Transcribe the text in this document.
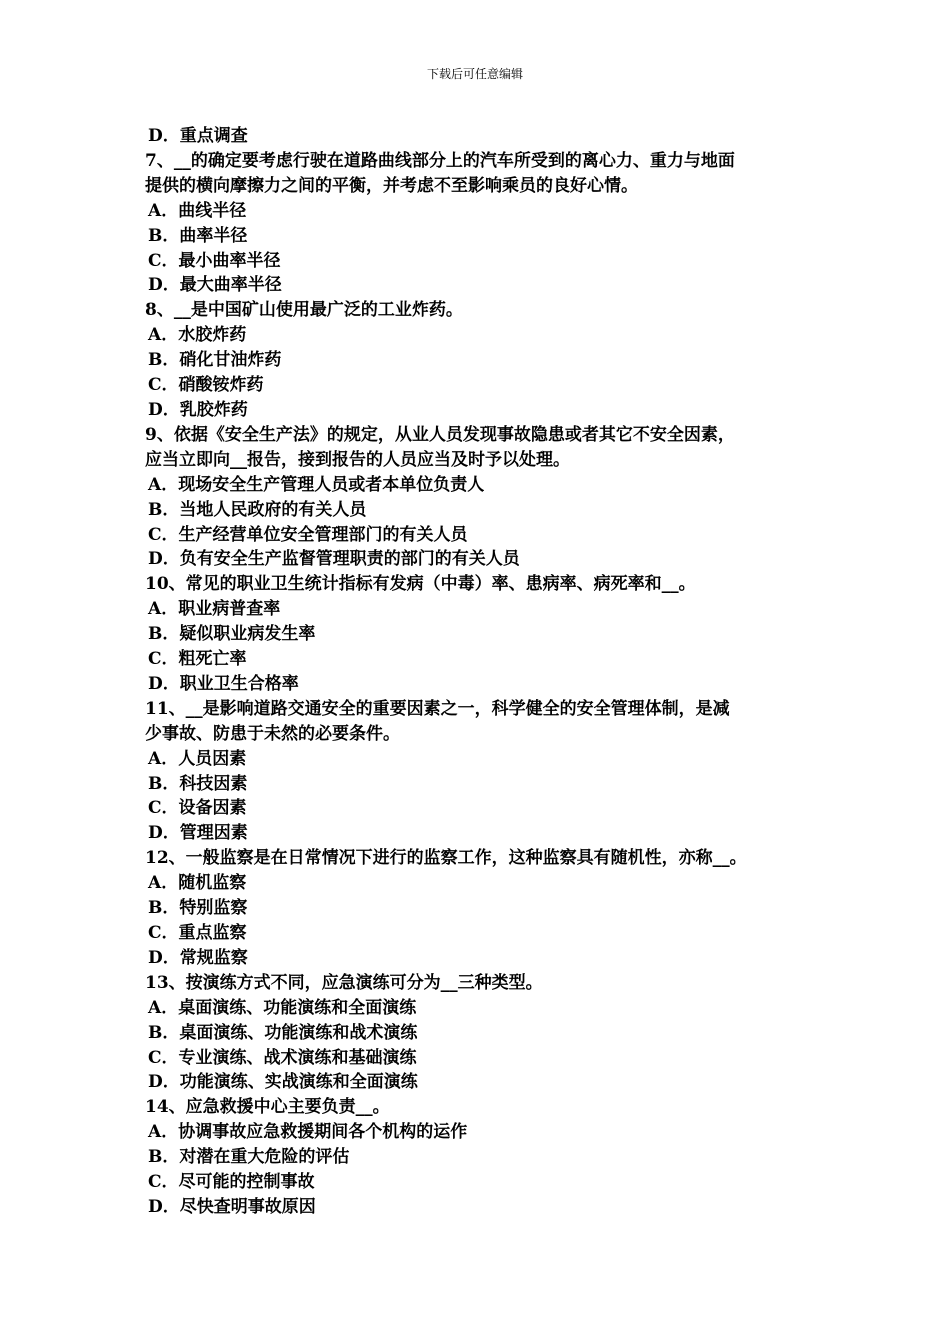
下载后可任意编辑
D．重点调查
7、__的确定要考虑行驶在道路曲线部分上的汽车所受到的离心力、重力与地面
提供的横向摩擦力之间的平衡，并考虑不至影响乘员的良好心情。
A．曲线半径
B．曲率半径
C．最小曲率半径
D．最大曲率半径
8、__是中国矿山使用最广泛的工业炸药。
A．水胶炸药
B．硝化甘油炸药
C．硝酸铵炸药
D．乳胶炸药
9、依据《安全生产法》的规定，从业人员发现事故隐患或者其它不安全因素，
应当立即向__报告，接到报告的人员应当及时予以处理。
A．现场安全生产管理人员或者本单位负责人
B．当地人民政府的有关人员
C．生产经营单位安全管理部门的有关人员
D．负有安全生产监督管理职责的部门的有关人员
10、常见的职业卫生统计指标有发病（中毒）率、患病率、病死率和__。
A．职业病普查率
B．疑似职业病发生率
C．粗死亡率
D．职业卫生合格率
11、__是影响道路交通安全的重要因素之一，科学健全的安全管理体制，是减
少事故、防患于未然的必要条件。
A．人员因素
B．科技因素
C．设备因素
D．管理因素
12、一般监察是在日常情况下进行的监察工作，这种监察具有随机性，亦称__。
A．随机监察
B．特别监察
C．重点监察
D．常规监察
13、按演练方式不同，应急演练可分为__三种类型。
A．桌面演练、功能演练和全面演练
B．桌面演练、功能演练和战术演练
C．专业演练、战术演练和基础演练
D．功能演练、实战演练和全面演练
14、应急救援中心主要负责__。
A．协调事故应急救援期间各个机构的运作
B．对潜在重大危险的评估
C．尽可能的控制事故
D．尽快查明事故原因
